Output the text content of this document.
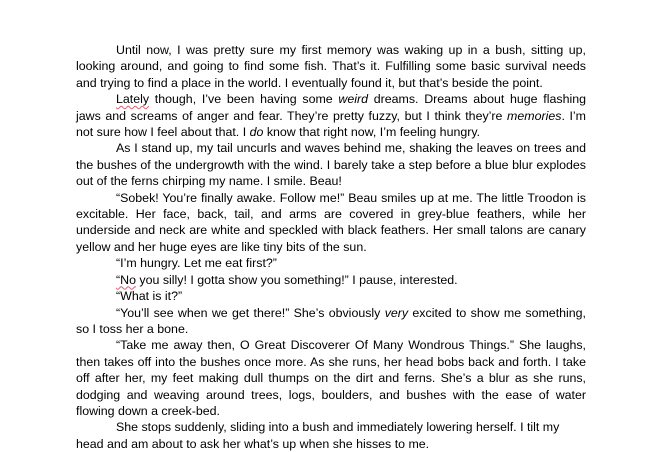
Until now, I was pretty sure my first memory was waking up in a bush, sitting up, looking around, and going to find some fish. That’s it. Fulfilling some basic survival needs and trying to find a place in the world. I eventually found it, but that’s beside the point.

Lately though, I’ve been having some weird dreams. Dreams about huge flashing jaws and screams of anger and fear. They’re pretty fuzzy, but I think they’re memories. I’m not sure how I feel about that. I do know that right now, I’m feeling hungry.

As I stand up, my tail uncurls and waves behind me, shaking the leaves on trees and the bushes of the undergrowth with the wind. I barely take a step before a blue blur explodes out of the ferns chirping my name. I smile. Beau!

“Sobek! You’re finally awake. Follow me!” Beau smiles up at me. The little Troodon is excitable. Her face, back, tail, and arms are covered in grey-blue feathers, while her underside and neck are white and speckled with black feathers. Her small talons are canary yellow and her huge eyes are like tiny bits of the sun.

“I’m hungry. Let me eat first?”

“No you silly! I gotta show you something!” I pause, interested.

“What is it?”

“You’ll see when we get there!” She’s obviously very excited to show me something, so I toss her a bone.

“Take me away then, O Great Discoverer Of Many Wondrous Things.” She laughs, then takes off into the bushes once more. As she runs, her head bobs back and forth. I take off after her, my feet making dull thumps on the dirt and ferns. She’s a blur as she runs, dodging and weaving around trees, logs, boulders, and bushes with the ease of water flowing down a creek-bed.

She stops suddenly, sliding into a bush and immediately lowering herself. I tilt my head and am about to ask her what’s up when she hisses to me.
